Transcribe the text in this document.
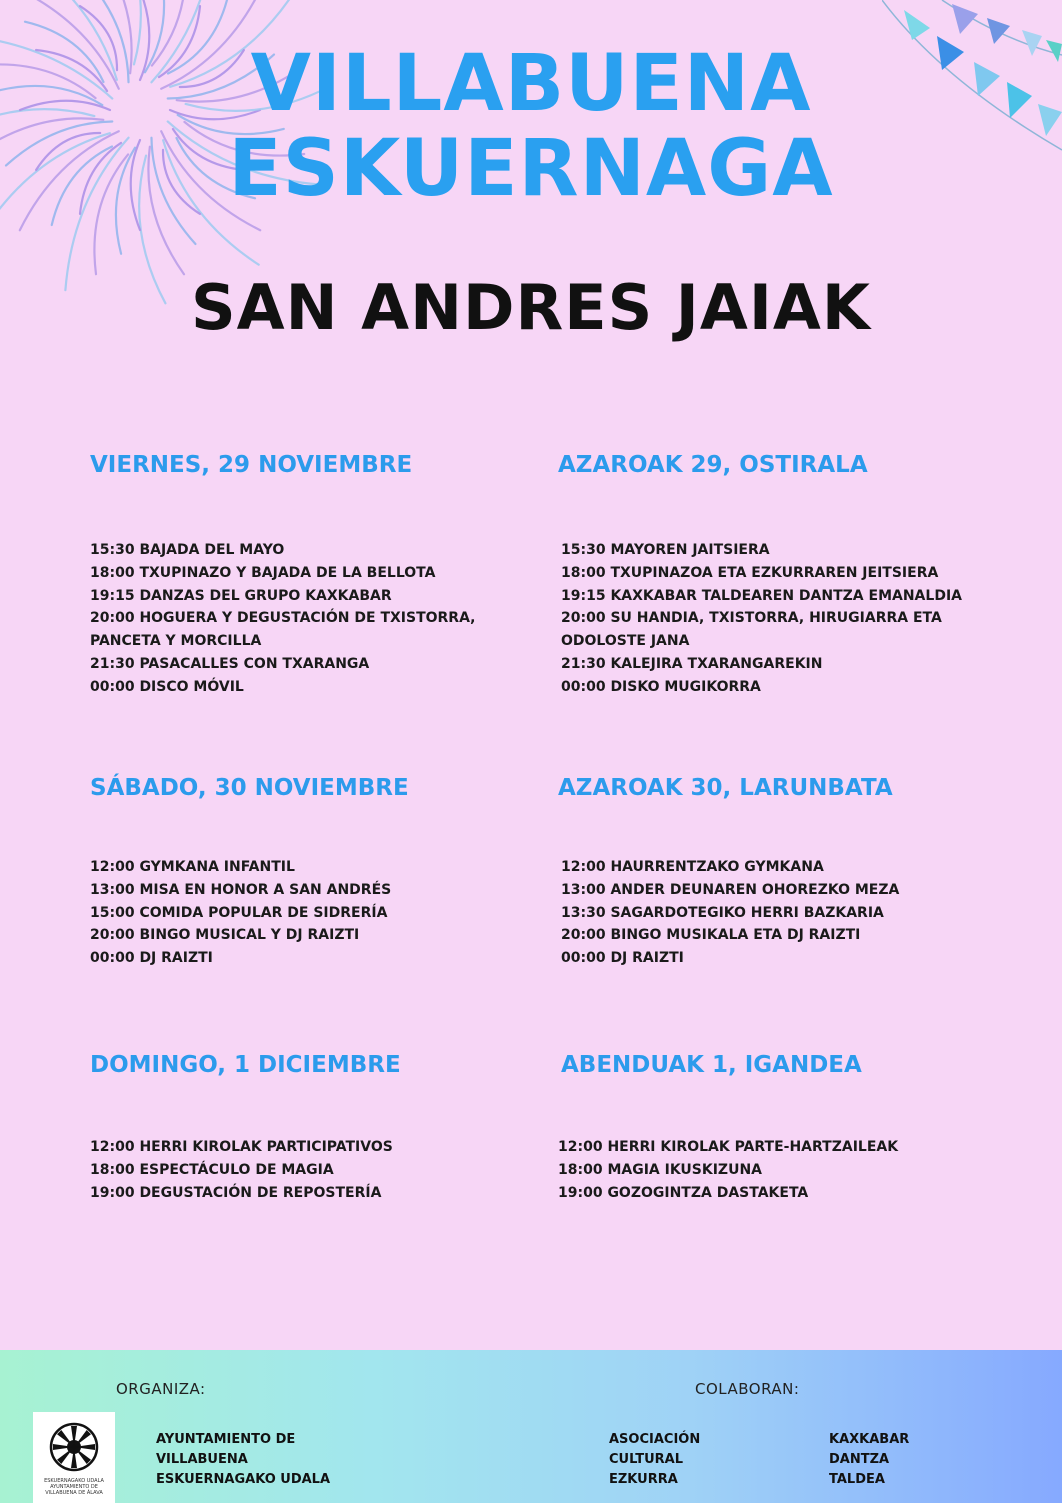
VILLABUENA
ESKUERNAGA
SAN ANDRES JAIAK
VIERNES, 29 NOVIEMBRE	AZAROAK 29, OSTIRALA
15:30 BAJADA DEL MAYO
18:00 TXUPINAZO Y BAJADA DE LA BELLOTA
19:15 DANZAS DEL GRUPO KAXKABAR
20:00 HOGUERA Y DEGUSTACIÓN DE TXISTORRA,
PANCETA Y MORCILLA
21:30 PASACALLES CON TXARANGA
00:00 DISCO MÓVIL
15:30 MAYOREN JAITSIERA
18:00 TXUPINAZOA ETA EZKURRAREN JEITSIERA
19:15 KAXKABAR TALDEAREN DANTZA EMANALDIA
20:00 SU HANDIA, TXISTORRA, HIRUGIARRA ETA
ODOLOSTE JANA
21:30 KALEJIRA TXARANGAREKIN
00:00 DISKO MUGIKORRA
SÁBADO, 30 NOVIEMBRE	AZAROAK 30, LARUNBATA
12:00 GYMKANA INFANTIL
13:00 MISA EN HONOR A SAN ANDRÉS
15:00 COMIDA POPULAR DE SIDRERÍA
20:00 BINGO MUSICAL Y DJ RAIZTI
00:00 DJ RAIZTI
12:00 HAURRENTZAKO GYMKANA
13:00 ANDER DEUNAREN OHOREZKO MEZA
13:30 SAGARDOTEGIKO HERRI BAZKARIA
20:00 BINGO MUSIKALA ETA DJ RAIZTI
00:00 DJ RAIZTI
DOMINGO, 1 DICIEMBRE	ABENDUAK 1, IGANDEA
12:00 HERRI KIROLAK PARTICIPATIVOS
18:00 ESPECTÁCULO DE MAGIA
19:00 DEGUSTACIÓN DE REPOSTERÍA
12:00 HERRI KIROLAK PARTE-HARTZAILEAK
18:00 MAGIA IKUSKIZUNA
19:00 GOZOGINTZA DASTAKETA
ORGANIZA:	COLABORAN:
ESKUERNAGAKO UDALA AYUNTAMIENTO DE VILLABUENA DE ÁLAVA
AYUNTAMIENTO DE
VILLABUENA
ESKUERNAGAKO UDALA
ASOCIACIÓN
CULTURAL
EZKURRA
KAXKABAR
DANTZA
TALDEA
